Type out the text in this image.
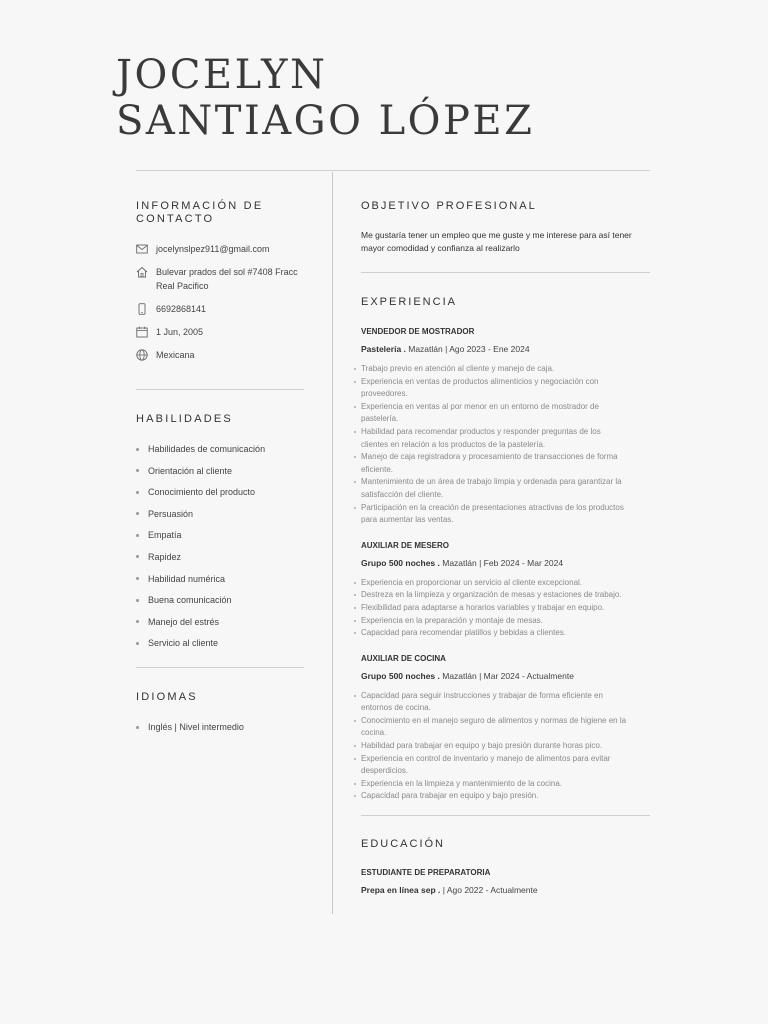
JOCELYN
SANTIAGO LÓPEZ
INFORMACIÓN DE
CONTACTO
jocelynslpez911@gmail.com
Bulevar prados del sol #7408 Fracc
Real Pacifico
6692868141
1 Jun, 2005
Mexicana
HABILIDADES
Habilidades de comunicación
Orientación al cliente
Conocimiento del producto
Persuasión
Empatía
Rapidez
Habilidad numérica
Buena comunicación
Manejo del estrés
Servicio al cliente
IDIOMAS
Inglés | Nivel intermedio
OBJETIVO PROFESIONAL
Me gustaría tener un empleo que me guste y me interese para así tener
mayor comodidad y confianza al realizarlo
EXPERIENCIA
VENDEDOR DE MOSTRADOR
Pastelería . Mazatlán | Ago 2023 - Ene 2024
Trabajo previo en atención al cliente y manejo de caja.
Experiencia en ventas de productos alimenticios y negociación con
proveedores.
Experiencia en ventas al por menor en un entorno de mostrador de
pastelería.
Habilidad para recomendar productos y responder preguntas de los
clientes en relación a los productos de la pastelería.
Manejo de caja registradora y procesamiento de transacciones de forma
eficiente.
Mantenimiento de un área de trabajo limpia y ordenada para garantizar la
satisfacción del cliente.
Participación en la creación de presentaciones atractivas de los productos
para aumentar las ventas.
AUXILIAR DE MESERO
Grupo 500 noches . Mazatlán | Feb 2024 - Mar 2024
Experiencia en proporcionar un servicio al cliente excepcional.
Destreza en la limpieza y organización de mesas y estaciones de trabajo.
Flexibilidad para adaptarse a horarios variables y trabajar en equipo.
Experiencia en la preparación y montaje de mesas.
Capacidad para recomendar platillos y bebidas a clientes.
AUXILIAR DE COCINA
Grupo 500 noches . Mazatlán | Mar 2024 - Actualmente
Capacidad para seguir instrucciones y trabajar de forma eficiente en
entornos de cocina.
Conocimiento en el manejo seguro de alimentos y normas de higiene en la
cocina.
Habilidad para trabajar en equipo y bajo presión durante horas pico.
Experiencia en control de inventario y manejo de alimentos para evitar
desperdicios.
Experiencia en la limpieza y mantenimiento de la cocina.
Capacidad para trabajar en equipo y bajo presión.
EDUCACIÓN
ESTUDIANTE DE PREPARATORIA
Prepa en línea sep . | Ago 2022 - Actualmente
